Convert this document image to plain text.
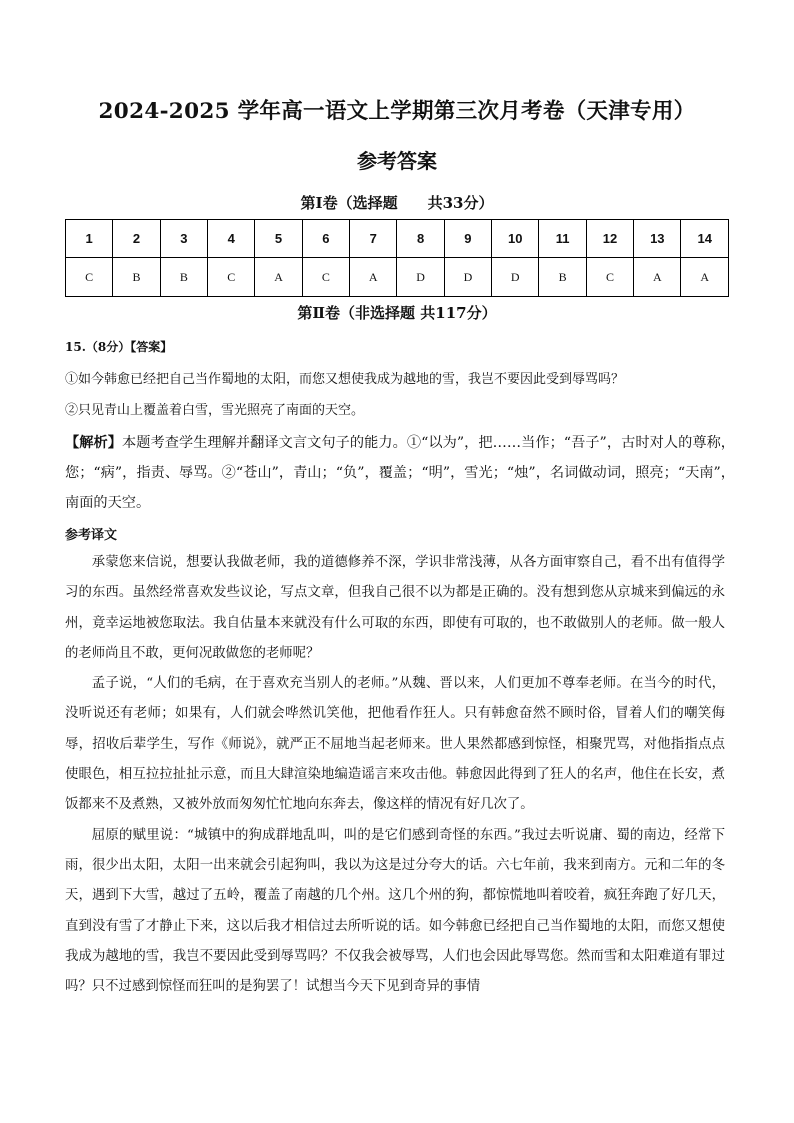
2024-2025 学年高一语文上学期第三次月考卷（天津专用）
参考答案
第Ⅰ卷（选择题　　共33分）
1	2	3	4	5	6	7	8	9	10	11	12	13	14
C	B	B	C	A	C	A	D	D	D	B	C	A	A
第Ⅱ卷（非选择题 共117分）
15.（8分）【答案】
①如今韩愈已经把自己当作蜀地的太阳，而您又想使我成为越地的雪，我岂不要因此受到辱骂吗？
②只见青山上覆盖着白雪，雪光照亮了南面的天空。
【解析】本题考查学生理解并翻译文言文句子的能力。①“以为”，把……当作；“吾子”，古时对人的尊称，您；“病”，指责、辱骂。②“苍山”，青山；“负”，覆盖；“明”，雪光；“烛”，名词做动词，照亮；“天南”，南面的天空。
参考译文

承蒙您来信说，想要认我做老师，我的道德修养不深，学识非常浅薄，从各方面审察自己，看不出有值得学习的东西。虽然经常喜欢发些议论，写点文章，但我自己很不以为都是正确的。没有想到您从京城来到偏远的永州，竟幸运地被您取法。我自估量本来就没有什么可取的东西，即使有可取的，也不敢做别人的老师。做一般人的老师尚且不敢，更何况敢做您的老师呢？

孟子说，“人们的毛病，在于喜欢充当别人的老师。”从魏、晋以来，人们更加不尊奉老师。在当今的时代，没听说还有老师；如果有，人们就会哗然讥笑他，把他看作狂人。只有韩愈奋然不顾时俗，冒着人们的嘲笑侮辱，招收后辈学生，写作《师说》，就严正不屈地当起老师来。世人果然都感到惊怪，相聚咒骂，对他指指点点使眼色，相互拉拉扯扯示意，而且大肆渲染地编造谣言来攻击他。韩愈因此得到了狂人的名声，他住在长安，煮饭都来不及煮熟，又被外放而匆匆忙忙地向东奔去，像这样的情况有好几次了。

屈原的赋里说：“城镇中的狗成群地乱叫，叫的是它们感到奇怪的东西。”我过去听说庸、蜀的南边，经常下雨，很少出太阳，太阳一出来就会引起狗叫，我以为这是过分夸大的话。六七年前，我来到南方。元和二年的冬天，遇到下大雪，越过了五岭，覆盖了南越的几个州。这几个州的狗，都惊慌地叫着咬着，疯狂奔跑了好几天，直到没有雪了才静止下来，这以后我才相信过去所听说的话。如今韩愈已经把自己当作蜀地的太阳，而您又想使我成为越地的雪，我岂不要因此受到辱骂吗？不仅我会被辱骂，人们也会因此辱骂您。然而雪和太阳难道有罪过吗？只不过感到惊怪而狂叫的是狗罢了！试想当今天下见到奇异的事情
